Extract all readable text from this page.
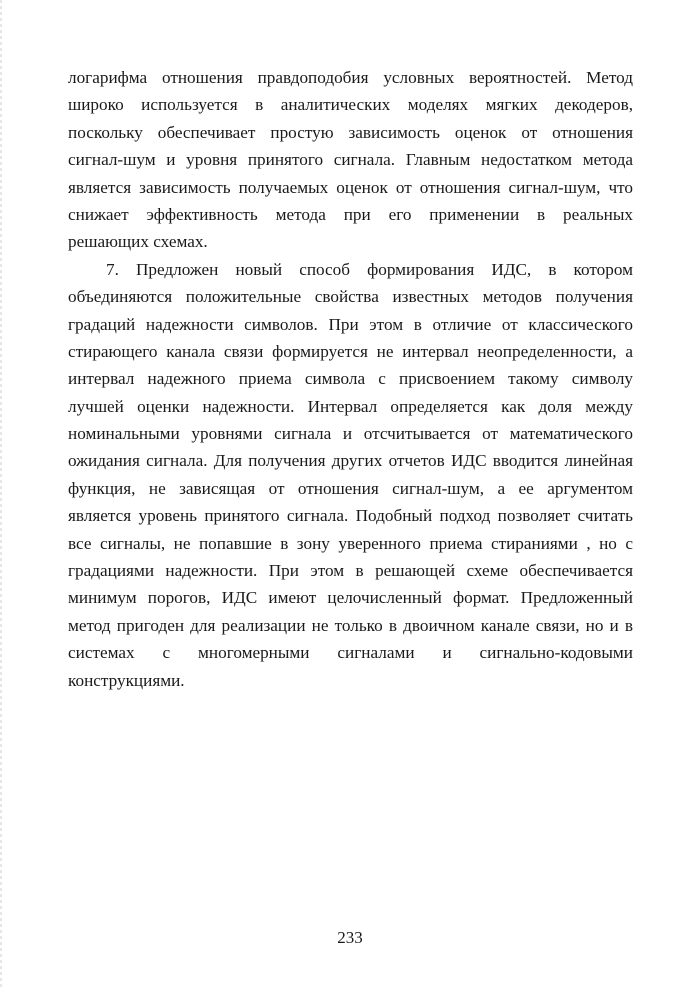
логарифма отношения правдоподобия условных вероятностей. Метод
широко используется в аналитических моделях мягких декодеров,
поскольку обеспечивает простую зависимость оценок от отношения
сигнал-шум и уровня принятого сигнала. Главным недостатком метода
является зависимость получаемых оценок от отношения сигнал-шум, что
снижает эффективность метода при его применении в реальных
решающих схемах.
7. Предложен новый способ формирования ИДС, в котором
объединяются положительные свойства известных методов получения
градаций надежности символов. При этом в отличие от классического
стирающего канала связи формируется не интервал неопределенности, а
интервал надежного приема символа с присвоением такому символу
лучшей оценки надежности. Интервал определяется как доля между
номинальными уровнями сигнала и отсчитывается от математического
ожидания сигнала. Для получения других отчетов ИДС вводится линейная
функция, не зависящая от отношения сигнал-шум, а ее аргументом
является уровень принятого сигнала. Подобный подход позволяет считать
все сигналы, не попавшие в зону уверенного приема стираниями , но с
градациями надежности. При этом в решающей схеме обеспечивается
минимум порогов, ИДС имеют целочисленный формат. Предложенный
метод пригоден для реализации не только в двоичном канале связи, но и в
системах с многомерными сигналами и сигнально-кодовыми
конструкциями.
233
